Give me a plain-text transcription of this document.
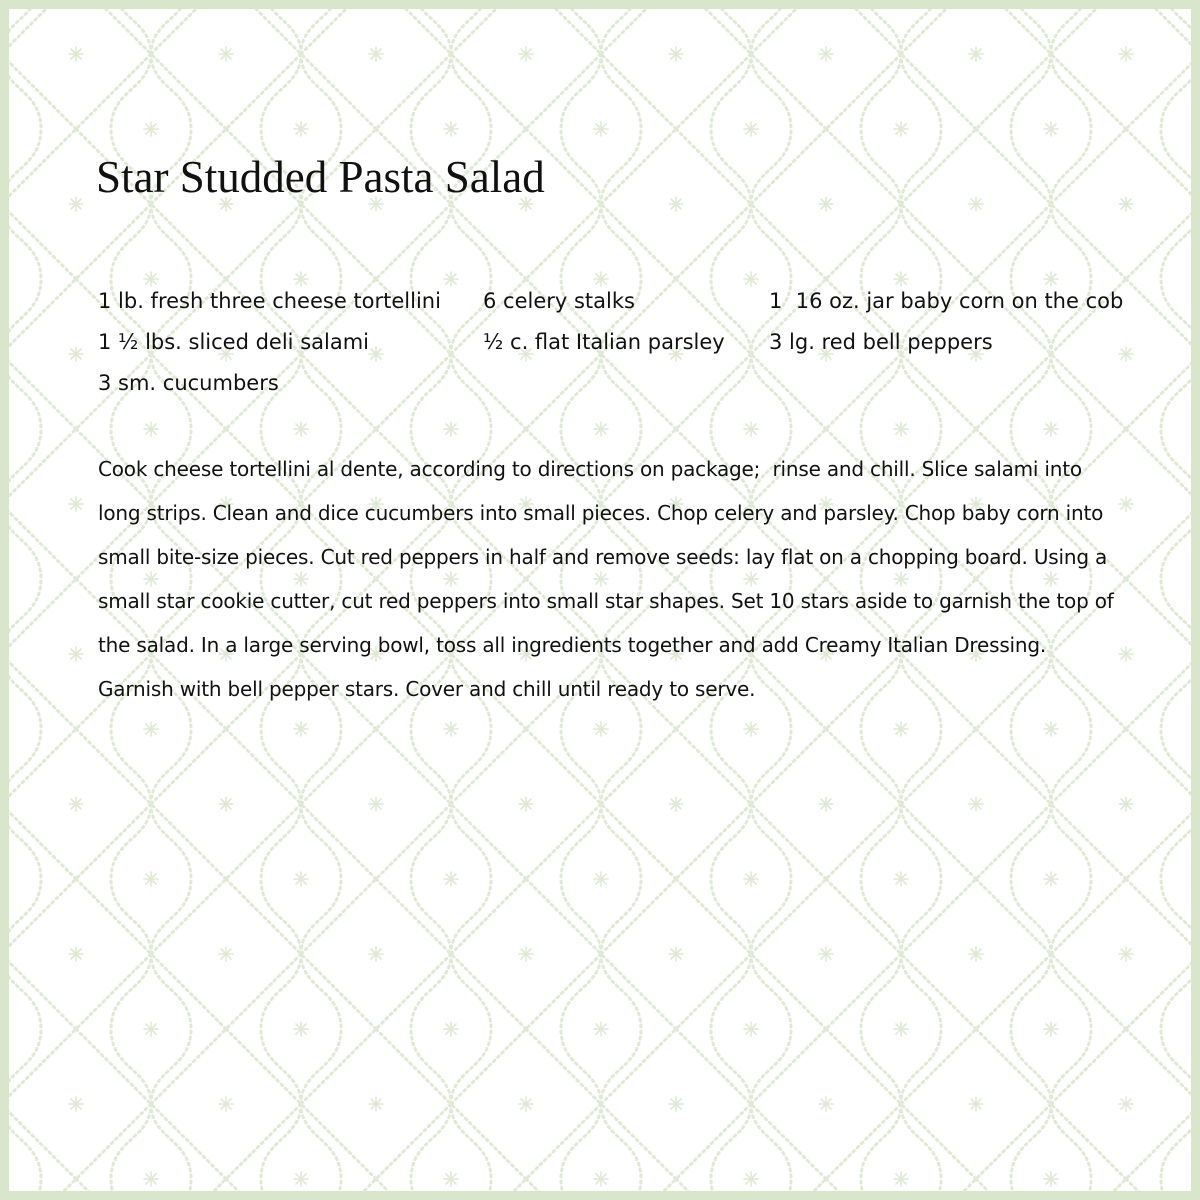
Star Studded Pasta Salad
1 lb. fresh three cheese tortellini
1 ½ lbs. sliced deli salami
3 sm. cucumbers
6 celery stalks
½ c. flat Italian parsley
1  16 oz. jar baby corn on the cob
3 lg. red bell peppers

Cook cheese tortellini al dente, according to directions on package;  rinse and chill. Slice salami into long strips. Clean and dice cucumbers into small pieces. Chop celery and parsley. Chop baby corn into small bite-size pieces. Cut red peppers in half and remove seeds: lay flat on a chopping board. Using a small star cookie cutter, cut red peppers into small star shapes. Set 10 stars aside to garnish the top of the salad. In a large serving bowl, toss all ingredients together and add Creamy Italian Dressing. Garnish with bell pepper stars. Cover and chill until ready to serve.
